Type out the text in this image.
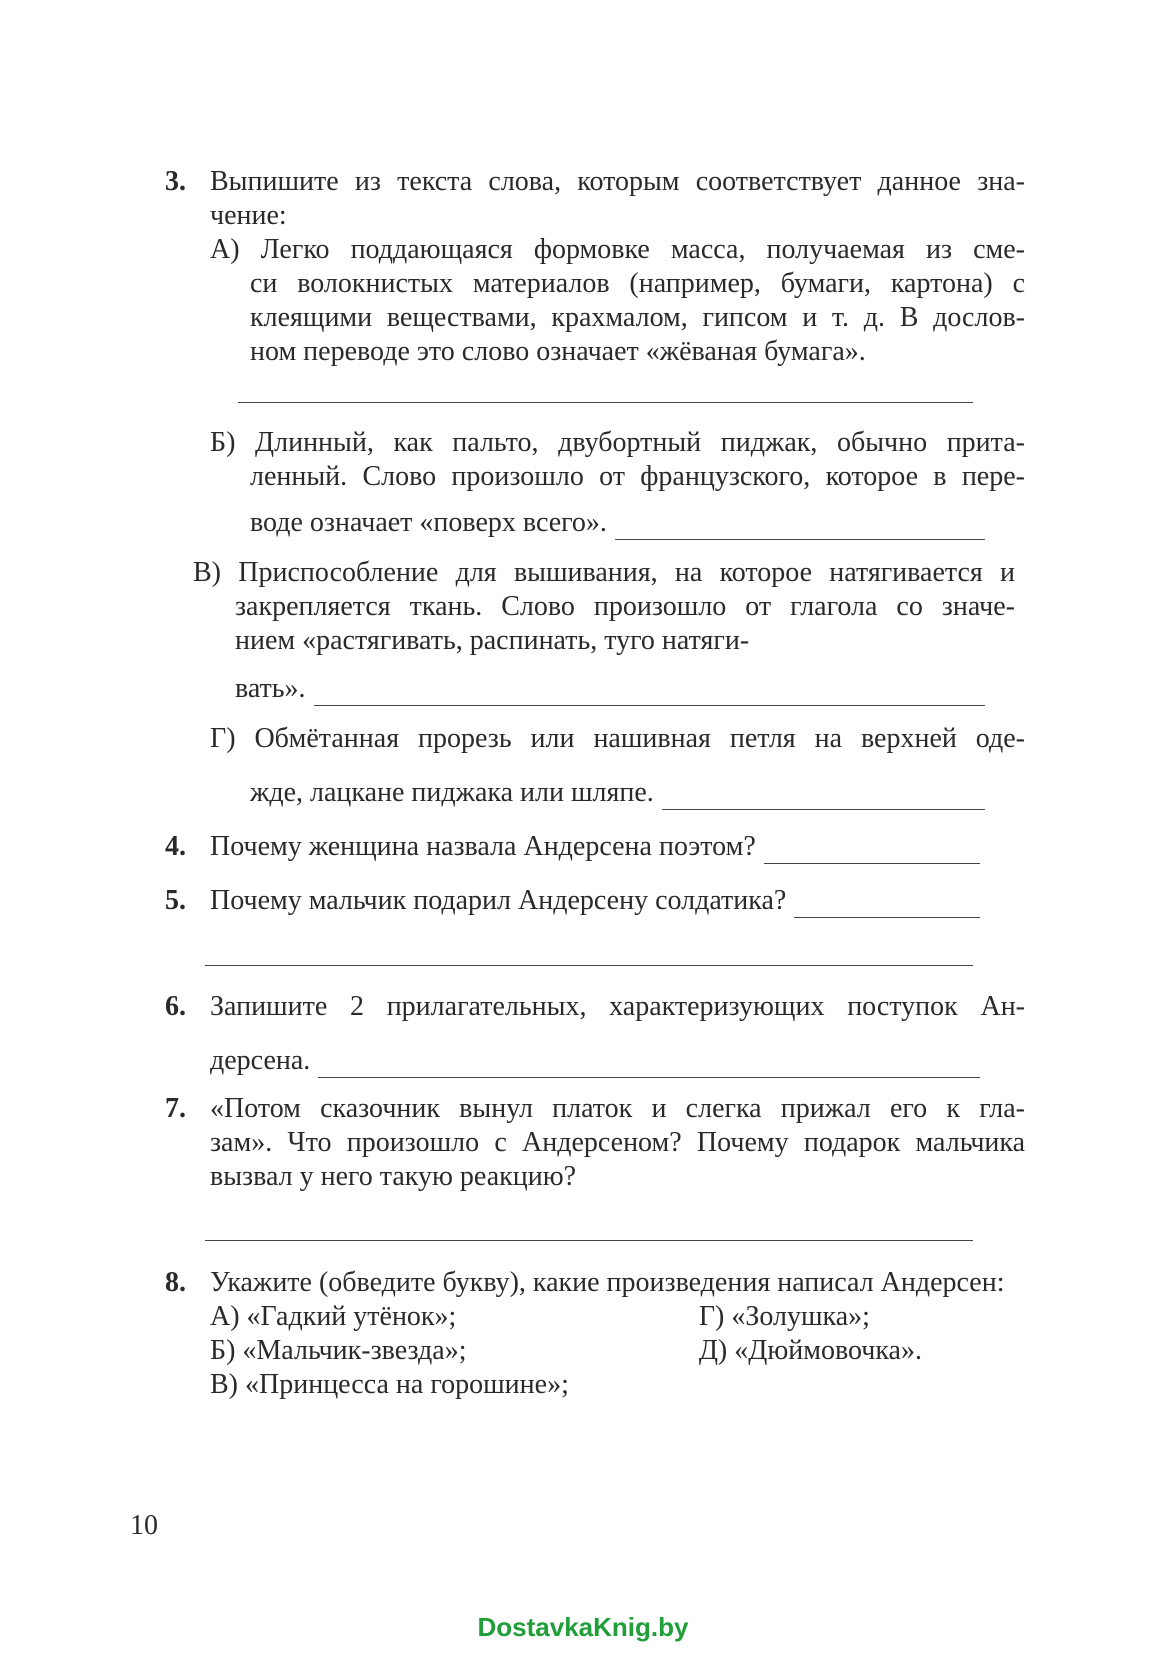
3. Выпишите из текста слова, которым соответствует данное зна-
чение:
А) Легко поддающаяся формовке масса, получаемая из сме-
си волокнистых материалов (например, бумаги, картона) с
клеящими веществами, крахмалом, гипсом и т. д. В дослов-
ном переводе это слово означает «жёваная бумага».
Б) Длинный, как пальто, двубортный пиджак, обычно прита-
ленный. Слово произошло от французского, которое в пере-
воде означает «поверх всего».
В) Приспособление для вышивания, на которое натягивается и
закрепляется ткань. Слово произошло от глагола со значе-
нием «растягивать, распинать, туго натяги-
вать».
Г) Обмётанная прорезь или нашивная петля на верхней оде-
жде, лацкане пиджака или шляпе.
4. Почему женщина назвала Андерсена поэтом?
5. Почему мальчик подарил Андерсену солдатика?
6. Запишите 2 прилагательных, характеризующих поступок Ан-
дерсена.
7. «Потом сказочник вынул платок и слегка прижал его к гла-
зам». Что произошло с Андерсеном? Почему подарок мальчика
вызвал у него такую реакцию?
8. Укажите (обведите букву), какие произведения написал Андерсен:
А) «Гадкий утёнок»;
Б) «Мальчик-звезда»;
В) «Принцесса на горошине»;
Г) «Золушка»;
Д) «Дюймовочка».
10
DostavkaKnig.by
